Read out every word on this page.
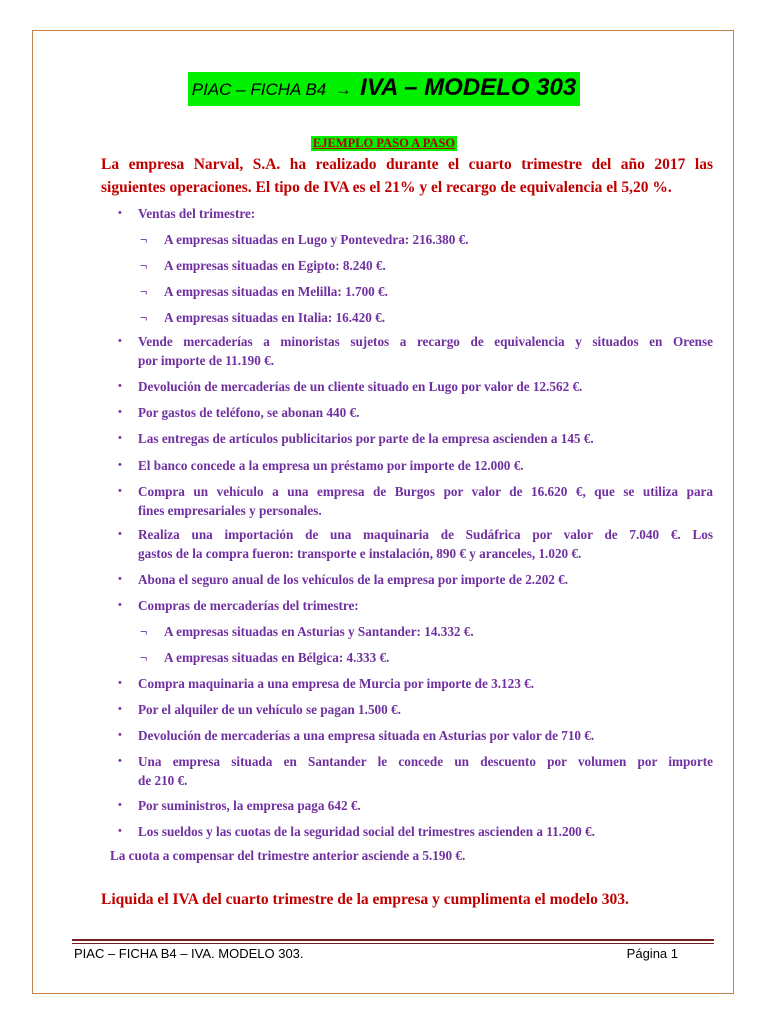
PIAC – FICHA B4 → IVA – MODELO 303
EJEMPLO PASO A PASO
La empresa Narval, S.A. ha realizado durante el cuarto trimestre del año 2017 las
siguientes operaciones. El tipo de IVA es el 21% y el recargo de equivalencia el 5,20 %.
• Ventas del trimestre:
¬ A empresas situadas en Lugo y Pontevedra: 216.380 €.
¬ A empresas situadas en Egipto: 8.240 €.
¬ A empresas situadas en Melilla: 1.700 €.
¬ A empresas situadas en Italia: 16.420 €.
• Vende mercaderías a minoristas sujetos a recargo de equivalencia y situados en Orense
por importe de 11.190 €.
• Devolución de mercaderías de un cliente situado en Lugo por valor de 12.562 €.
• Por gastos de teléfono, se abonan 440 €.
• Las entregas de artículos publicitarios por parte de la empresa ascienden a 145 €.
• El banco concede a la empresa un préstamo por importe de 12.000 €.
• Compra un vehículo a una empresa de Burgos por valor de 16.620 €, que se utiliza para
fines empresariales y personales.
• Realiza una importación de una maquinaria de Sudáfrica por valor de 7.040 €. Los
gastos de la compra fueron: transporte e instalación, 890 € y aranceles, 1.020 €.
• Abona el seguro anual de los vehículos de la empresa por importe de 2.202 €.
• Compras de mercaderías del trimestre:
¬ A empresas situadas en Asturias y Santander: 14.332 €.
¬ A empresas situadas en Bélgica: 4.333 €.
• Compra maquinaria a una empresa de Murcia por importe de 3.123 €.
• Por el alquiler de un vehículo se pagan 1.500 €.
• Devolución de mercaderías a una empresa situada en Asturias por valor de 710 €.
• Una empresa situada en Santander le concede un descuento por volumen por importe
de 210 €.
• Por suministros, la empresa paga 642 €.
• Los sueldos y las cuotas de la seguridad social del trimestres ascienden a 11.200 €.
La cuota a compensar del trimestre anterior asciende a 5.190 €.
Liquida el IVA del cuarto trimestre de la empresa y cumplimenta el modelo 303.
PIAC – FICHA B4 – IVA. MODELO 303.	Página 1
